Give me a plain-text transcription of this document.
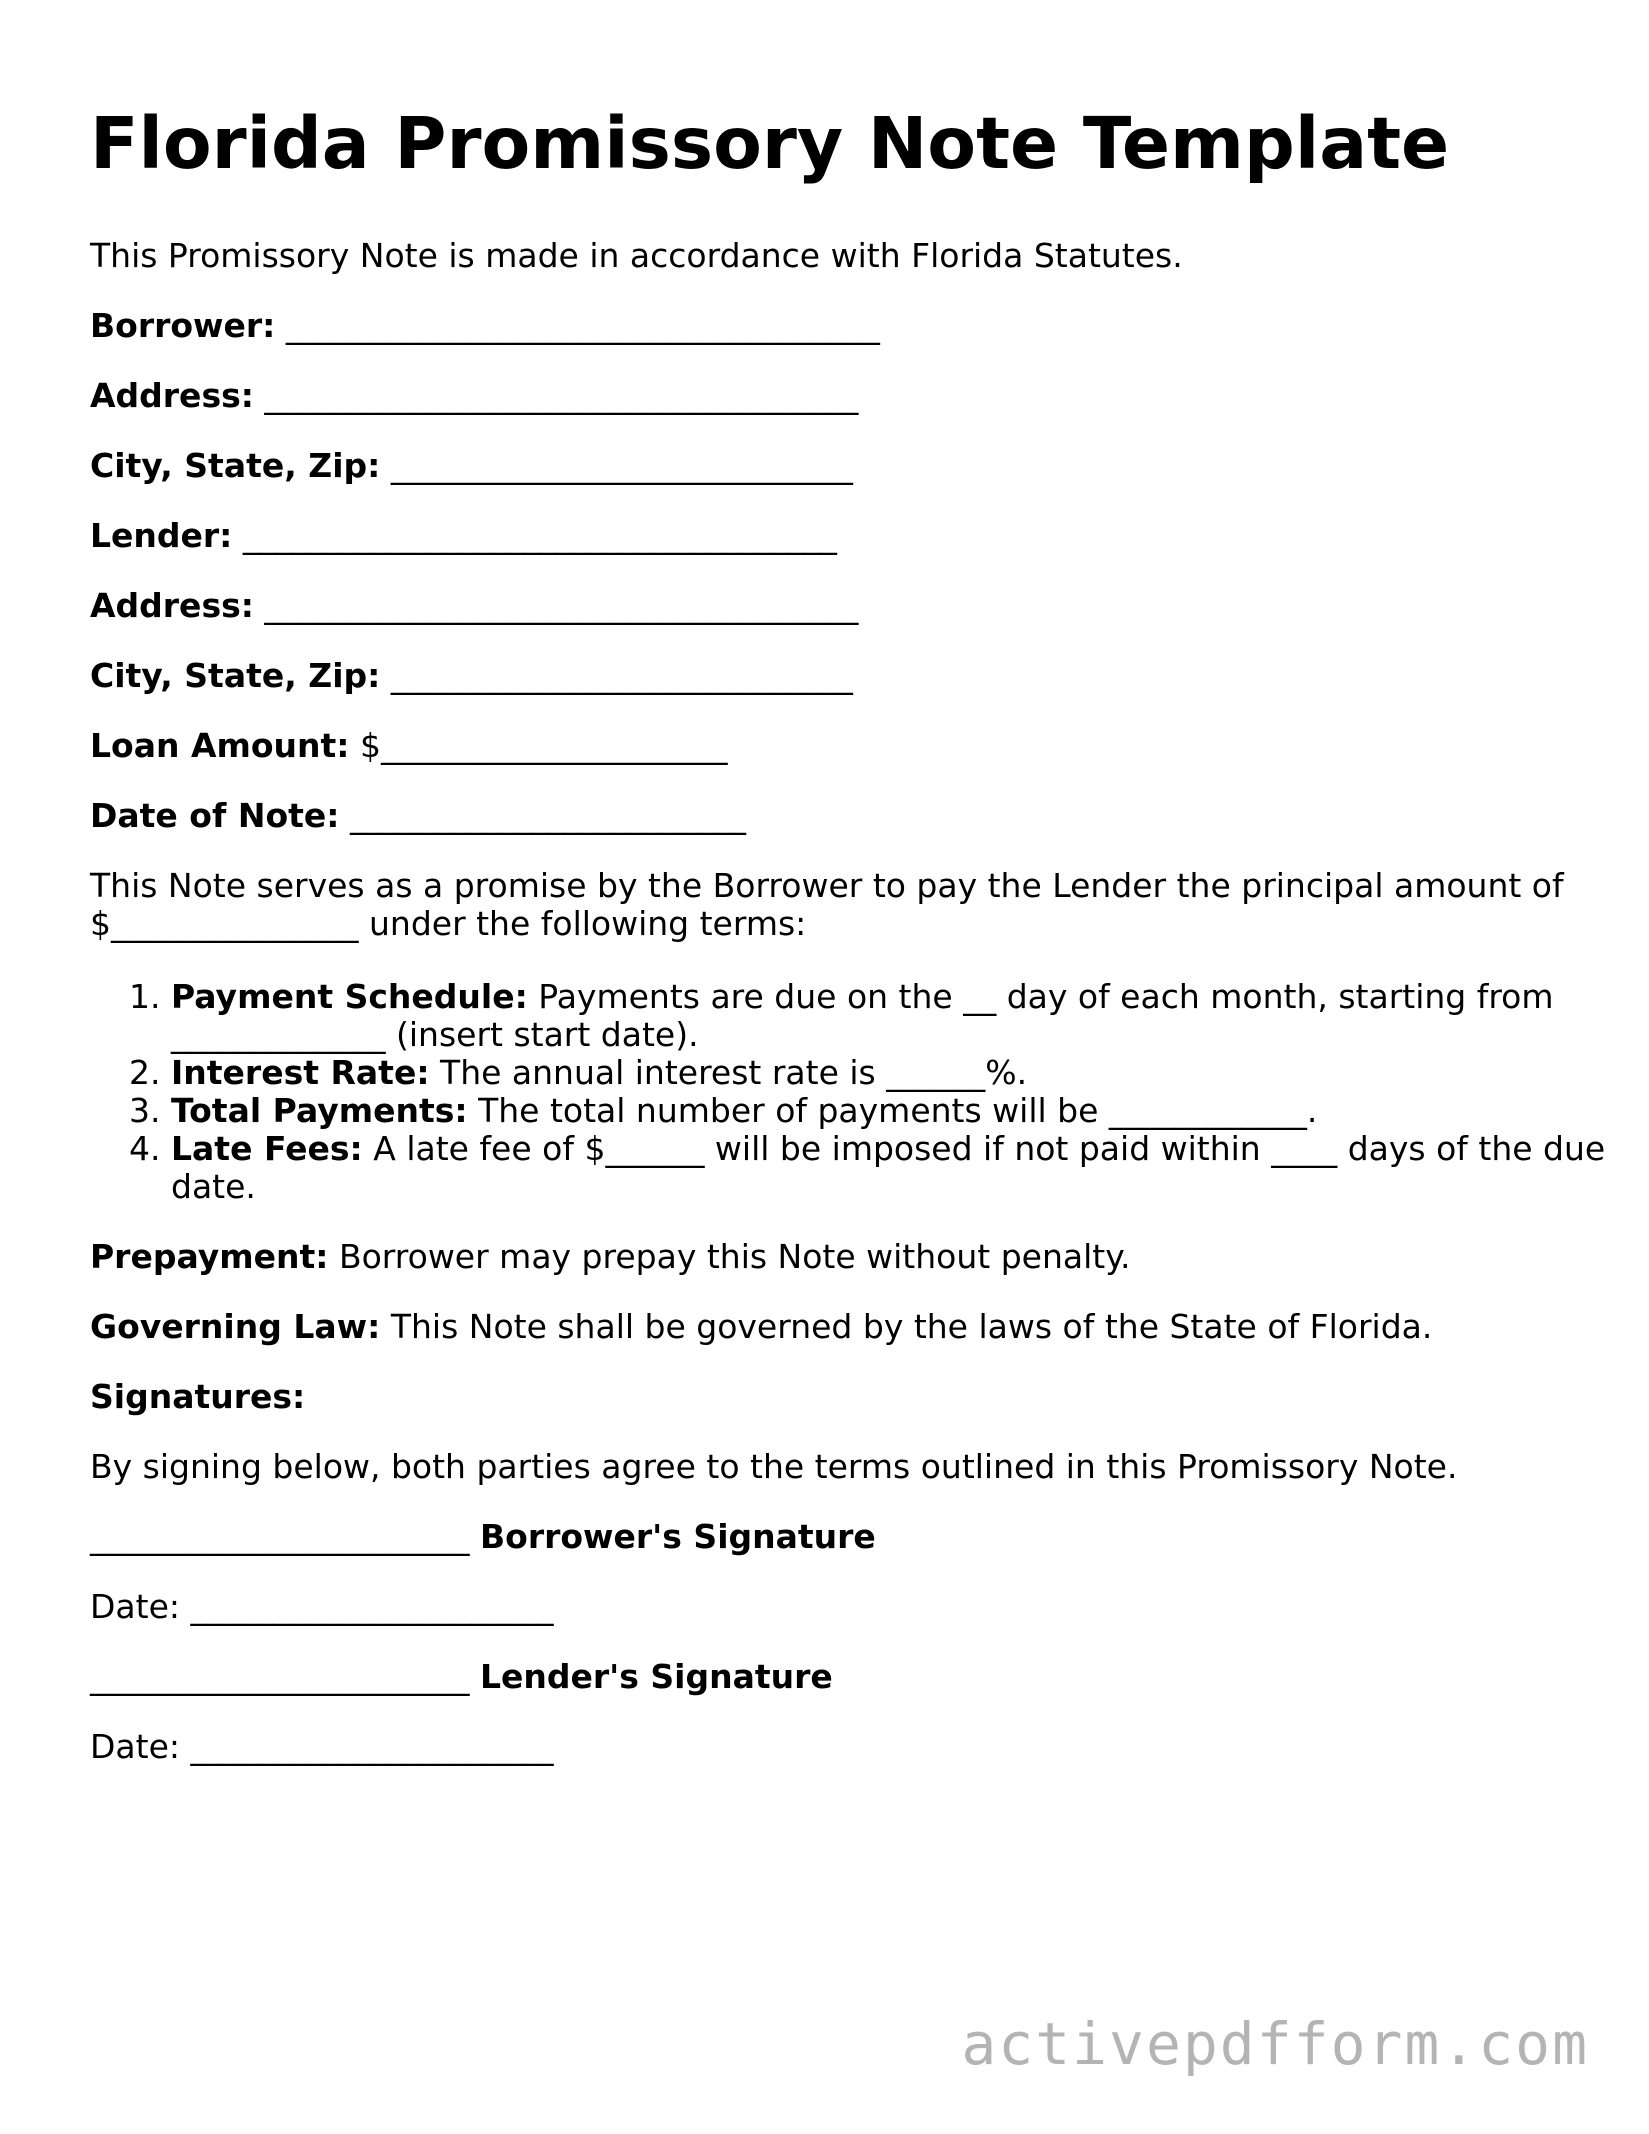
Florida Promissory Note Template
This Promissory Note is made in accordance with Florida Statutes.
Borrower: ____________________________________
Address: ____________________________________
City, State, Zip: ____________________________
Lender: ____________________________________
Address: ____________________________________
City, State, Zip: ____________________________
Loan Amount: $_____________________
Date of Note: ________________________
This Note serves as a promise by the Borrower to pay the Lender the principal amount of
$_______________ under the following terms:
1. Payment Schedule: Payments are due on the __ day of each month, starting from _____________ (insert start date).
2. Interest Rate: The annual interest rate is ______%.
3. Total Payments: The total number of payments will be ____________.
4. Late Fees: A late fee of $______ will be imposed if not paid within ____ days of the due date.
Prepayment: Borrower may prepay this Note without penalty.
Governing Law: This Note shall be governed by the laws of the State of Florida.
Signatures:
By signing below, both parties agree to the terms outlined in this Promissory Note.
_______________________ Borrower's Signature
Date: ______________________
_______________________ Lender's Signature
Date: ______________________
activepdfform.com
